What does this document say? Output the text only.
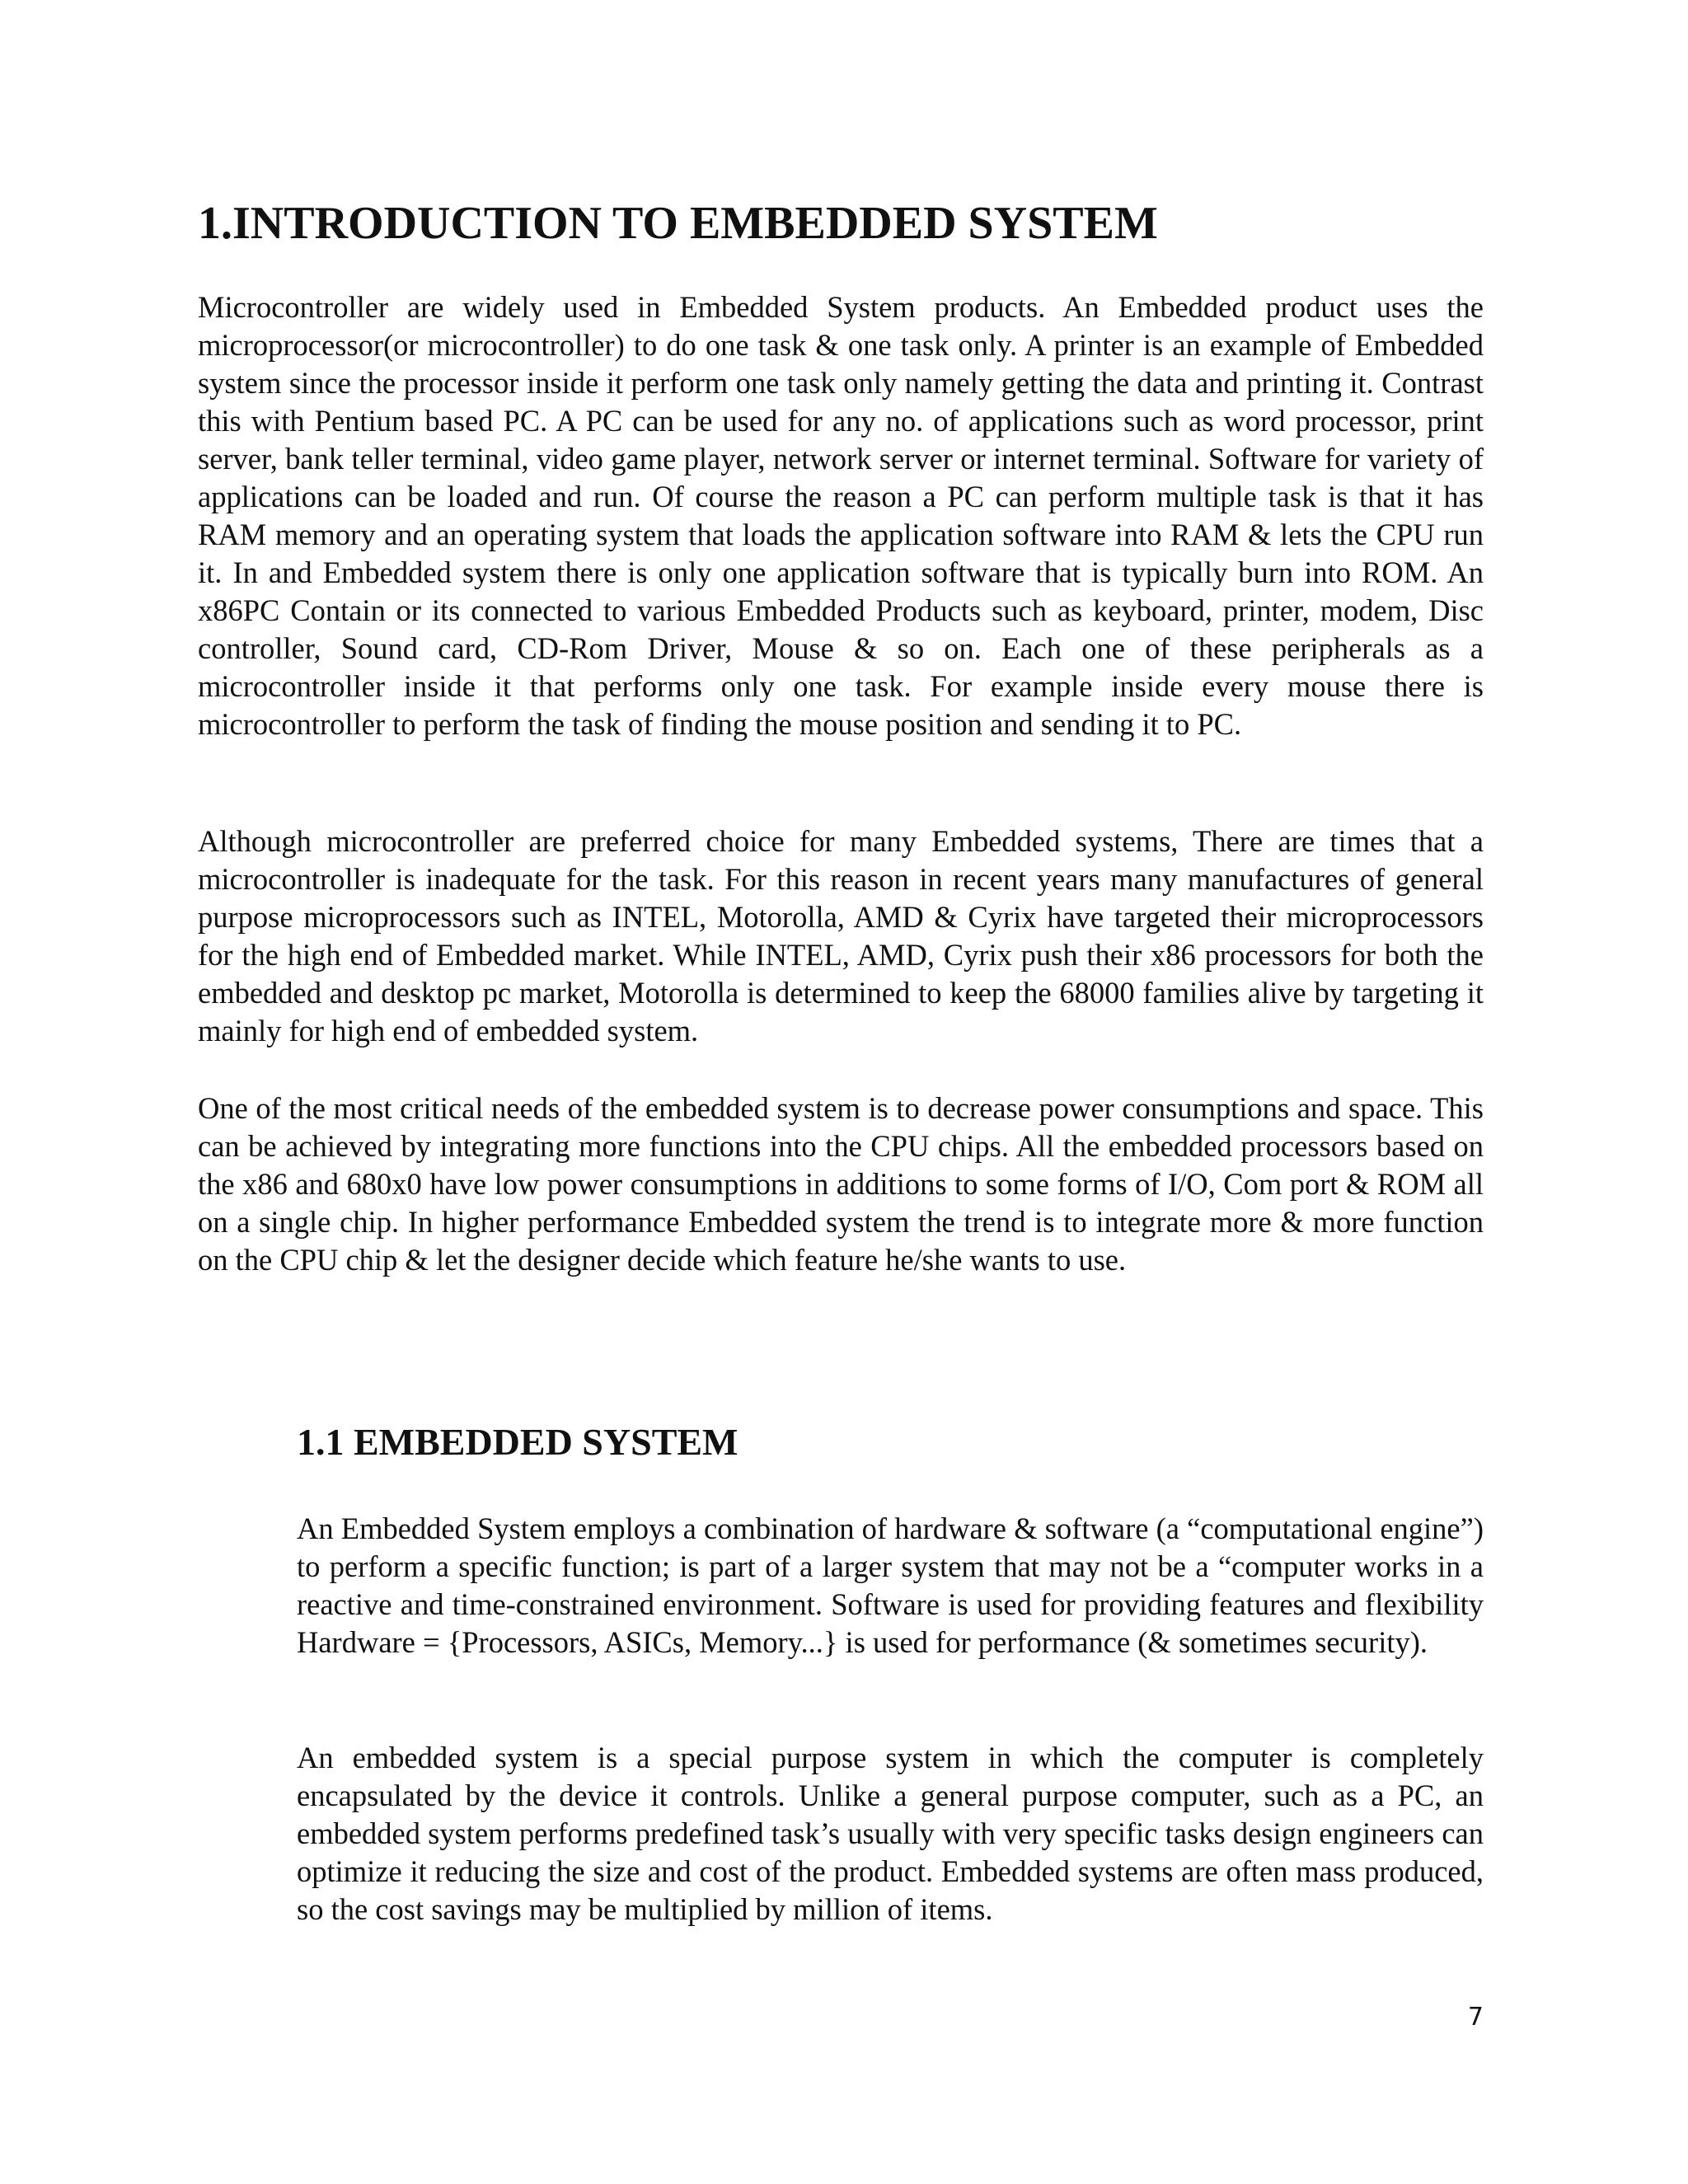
1.INTRODUCTION TO EMBEDDED SYSTEM

Microcontroller are widely used in Embedded System products. An Embedded product uses the microprocessor(or microcontroller) to do one task & one task only. A printer is an example of Embedded system since the processor inside it perform one task only namely getting the data and printing it. Contrast this with Pentium based PC. A PC can be used for any no. of applications such as word processor, print server, bank teller terminal, video game player, network server or internet terminal. Software for variety of applications can be loaded and run. Of course the reason a PC can perform multiple task is that it has RAM memory and an operating system that loads the application software into RAM & lets the CPU run it. In and Embedded system there is only one application software that is typically burn into ROM. An x86PC Contain or its connected to various Embedded Products such as keyboard, printer, modem, Disc controller, Sound card, CD-Rom Driver, Mouse & so on. Each one of these peripherals as a microcontroller inside it that performs only one task. For example inside every mouse there is microcontroller to perform the task of finding the mouse position and sending it to PC.

Although microcontroller are preferred choice for many Embedded systems, There are times that a microcontroller is inadequate for the task. For this reason in recent years many manufactures of general purpose microprocessors such as INTEL, Motorolla, AMD & Cyrix have targeted their microprocessors for the high end of Embedded market. While INTEL, AMD, Cyrix push their x86 processors for both the embedded and desktop pc market, Motorolla is determined to keep the 68000 families alive by targeting it mainly for high end of embedded system.

One of the most critical needs of the embedded system is to decrease power consumptions and space. This can be achieved by integrating more functions into the CPU chips. All the embedded processors based on the x86 and 680x0 have low power consumptions in additions to some forms of I/O, Com port & ROM all on a single chip. In higher performance Embedded system the trend is to integrate more & more function on the CPU chip & let the designer decide which feature he/she wants to use.

1.1 EMBEDDED SYSTEM

An Embedded System employs a combination of hardware & software (a “computational engine”) to perform a specific function; is part of a larger system that may not be a “computer works in a reactive and time-constrained environment. Software is used for providing features and flexibility Hardware = {Processors, ASICs, Memory...} is used for performance (& sometimes security).

An embedded system is a special purpose system in which the computer is completely encapsulated by the device it controls. Unlike a general purpose computer, such as a PC, an embedded system performs predefined task’s usually with very specific tasks design engineers can optimize it reducing the size and cost of the product. Embedded systems are often mass produced, so the cost savings may be multiplied by million of items.

7
